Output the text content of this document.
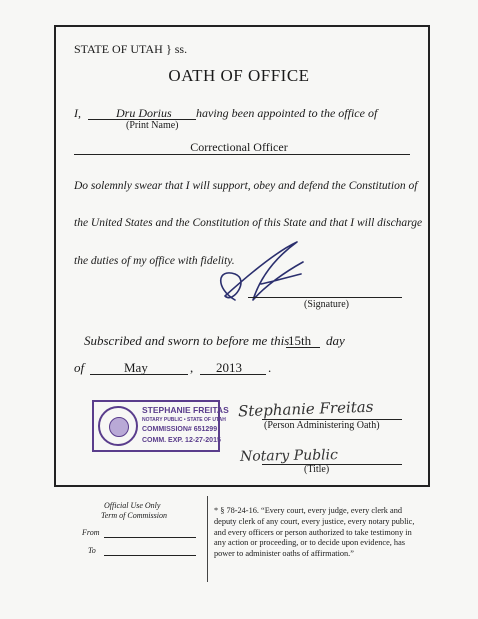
STATE OF UTAH } ss.
OATH OF OFFICE
I,	Dru Dorius having been appointed to the office of
(Print Name)
Correctional Officer
Do solemnly swear that I will support, obey and defend the Constitution of
the United States and the Constitution of this State and that I will discharge
the duties of my office with fidelity.
(Signature)
Subscribed and sworn to before me this
15th day
of	May	, 2013 .
STEPHANIE FREITAS
NOTARY PUBLIC • STATE OF UTAH
COMMISSION# 651299
COMM. EXP. 12-27-2015
Stephanie Freitas
(Person Administering Oath)
Notary Public
(Title)
Official Use Only
Term of Commission
From
To
* § 78-24-16. “Every court, every judge, every clerk and
deputy clerk of any court, every justice, every notary public,
and every officers or person authorized to take testimony in
any action or proceeding, or to decide upon evidence, has
power to administer oaths of affirmation.”
